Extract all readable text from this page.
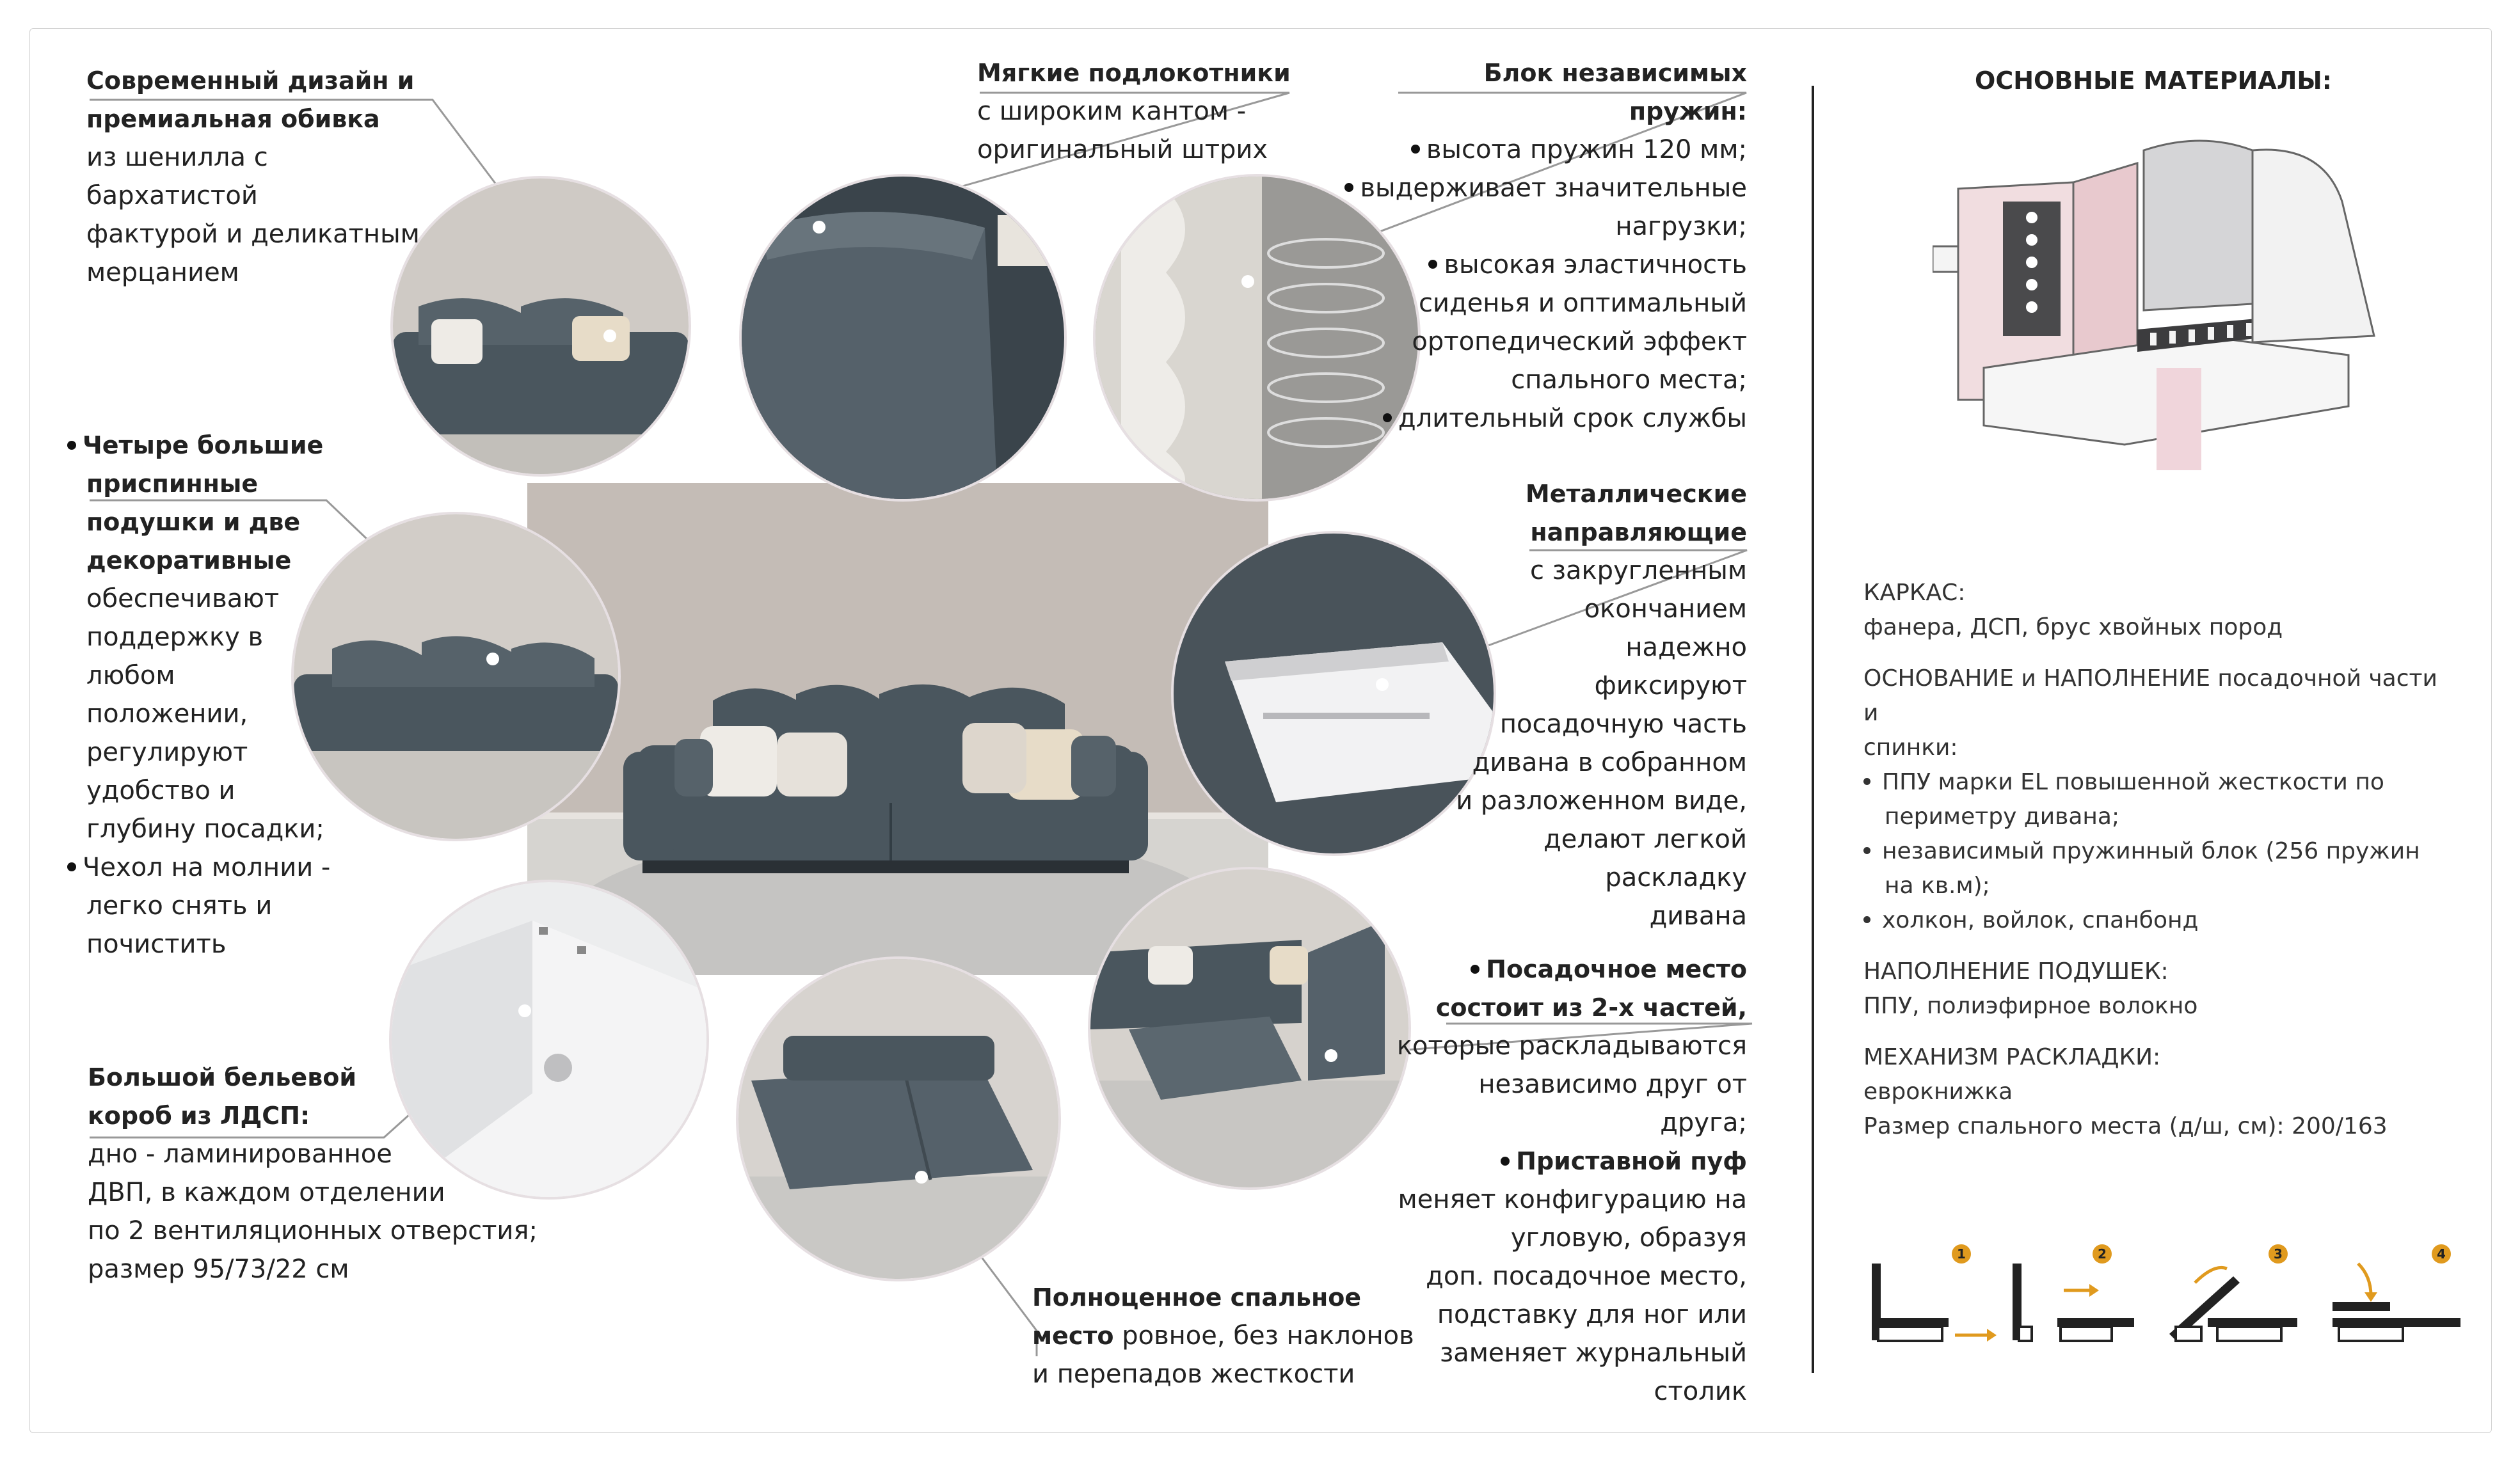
Современный дизайн и

премиальная обивка

из шенилла с бархатистой

фактурой и деликатным

мерцанием

Четыре большие

приспинные

подушки и две

декоративные

обеспечивают

поддержку в

любом

положении,

регулируют

удобство и

глубину посадки;

Чехол на молнии -

легко снять и

почистить

Большой бельевой

короб из ЛДСП:

дно - ламинированное

ДВП, в каждом отделении

по 2 вентиляционных отверстия;

размер 95/73/22 см

Мягкие подлокотники

с широким кантом -

оригинальный штрих

Блок независимых

пружин:

высота пружин 120 мм;

выдерживает значительные

нагрузки;

высокая эластичность

сиденья и оптимальный

ортопедический эффект

спального места;

длительный срок службы

Металлические

направляющие

с закругленным

окончанием

надежно

фиксируют

посадочную часть

дивана в собранном

и разложенном виде,

делают легкой раскладку

дивана

Посадочное место

состоит из 2-х частей,

которые раскладываются

независимо друг от друга;

Приставной пуф

меняет конфигурацию на

угловую, образуя

доп. посадочное место,

подставку для ног или

заменяет журнальный

столик

Полноценное спальное

место ровное, без наклонов

и перепадов жесткости

ОСНОВНЫЕ МАТЕРИАЛЫ:

КАРКАС:

фанера, ДСП, брус хвойных пород

ОСНОВАНИЕ и НАПОЛНЕНИЕ посадочной части и

спинки:

ППУ марки EL повышенной жесткости по

периметру дивана;

независимый пружинный блок (256 пружин

на кв.м);

холкон, войлок, спанбонд

НАПОЛНЕНИЕ ПОДУШЕК:

ППУ, полиэфирное волокно

МЕХАНИЗМ РАСКЛАДКИ:

еврокнижка

Размер спального места (д/ш, см): 200/163

1	2	3	4
